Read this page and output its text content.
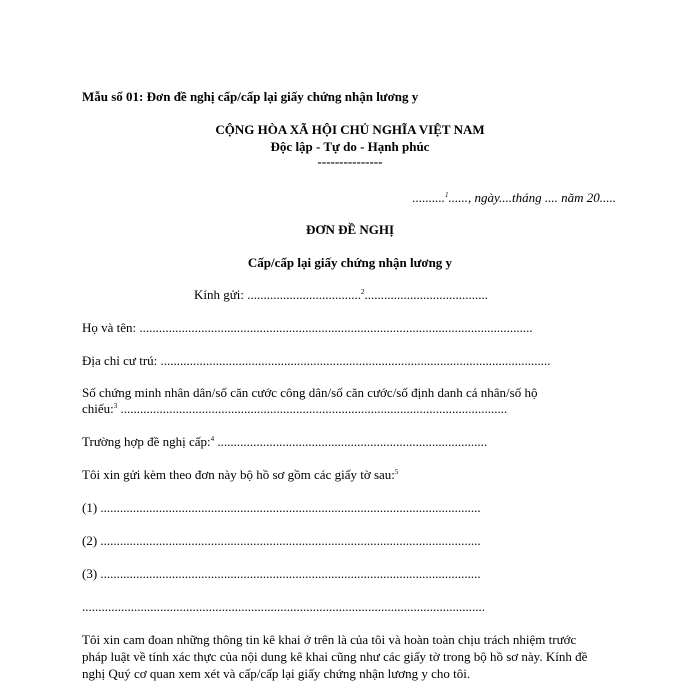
Mẫu số 01: Đơn đề nghị cấp/cấp lại giấy chứng nhận lương y
CỘNG HÒA XÃ HỘI CHỦ NGHĨA VIỆT NAM
Độc lập - Tự do - Hạnh phúc
---------------
..........$^1$......, ngày....tháng .... năm 20.....
ĐƠN ĐỀ NGHỊ
Cấp/cấp lại giấy chứng nhận lương y
Kính gửi: ...................................$^2$......................................
Họ và tên: .........................................................................................................................
Địa chỉ cư trú: ........................................................................................................................
Số chứng minh nhân dân/số căn cước công dân/số căn cước/số định danh cá nhân/số hộ
chiếu:$^3$ .......................................................................................................................
Trường hợp đề nghị cấp:$^4$ ...................................................................................
Tôi xin gửi kèm theo đơn này bộ hồ sơ gồm các giấy tờ sau:$^5$
(1) .....................................................................................................................
(2) .....................................................................................................................
(3) .....................................................................................................................
............................................................................................................................
Tôi xin cam đoan những thông tin kê khai ở trên là của tôi và hoàn toàn chịu trách nhiệm trước
pháp luật về tính xác thực của nội dung kê khai cũng như các giấy tờ trong bộ hồ sơ này. Kính đề
nghị Quý cơ quan xem xét và cấp/cấp lại giấy chứng nhận lương y cho tôi.
